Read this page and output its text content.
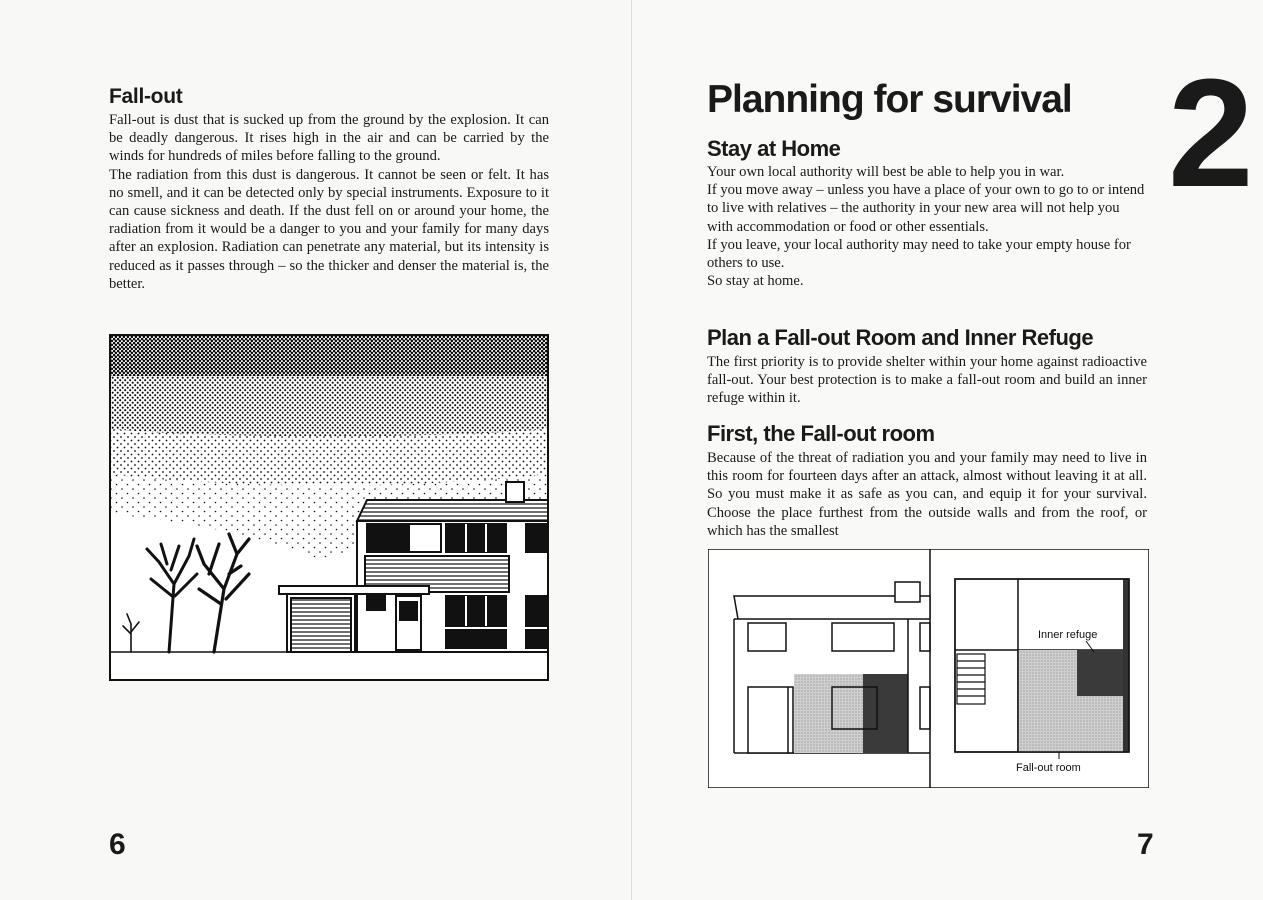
Fall-out

Fall-out is dust that is sucked up from the ground by the explosion. It can be deadly dangerous. It rises high in the air and can be carried by the winds for hundreds of miles before falling to the ground.

The radiation from this dust is dangerous. It cannot be seen or felt. It has no smell, and it can be detected only by special instruments. Exposure to it can cause sickness and death. If the dust fell on or around your home, the radiation from it would be a danger to you and your family for many days after an explosion. Radiation can penetrate any material, but its intensity is reduced as it passes through – so the thicker and denser the material is, the better.

6
Planning for survival 2
Stay at Home

Your own local authority will best be able to help you in war.

If you move away – unless you have a place of your own to go to or intend to live with relatives – the authority in your new area will not help you with accommodation or food or other essentials.

If you leave, your local authority may need to take your empty house for others to use.

So stay at home.

Plan a Fall-out Room and Inner Refuge

The first priority is to provide shelter within your home against radioactive fall-out. Your best protection is to make a fall-out room and build an inner refuge within it.

First, the Fall-out room

Because of the threat of radiation you and your family may need to live in this room for fourteen days after an attack, almost without leaving it at all. So you must make it as safe as you can, and equip it for your survival. Choose the place furthest from the outside walls and from the roof, or which has the smallest

Inner refuge
Fall-out room
7
